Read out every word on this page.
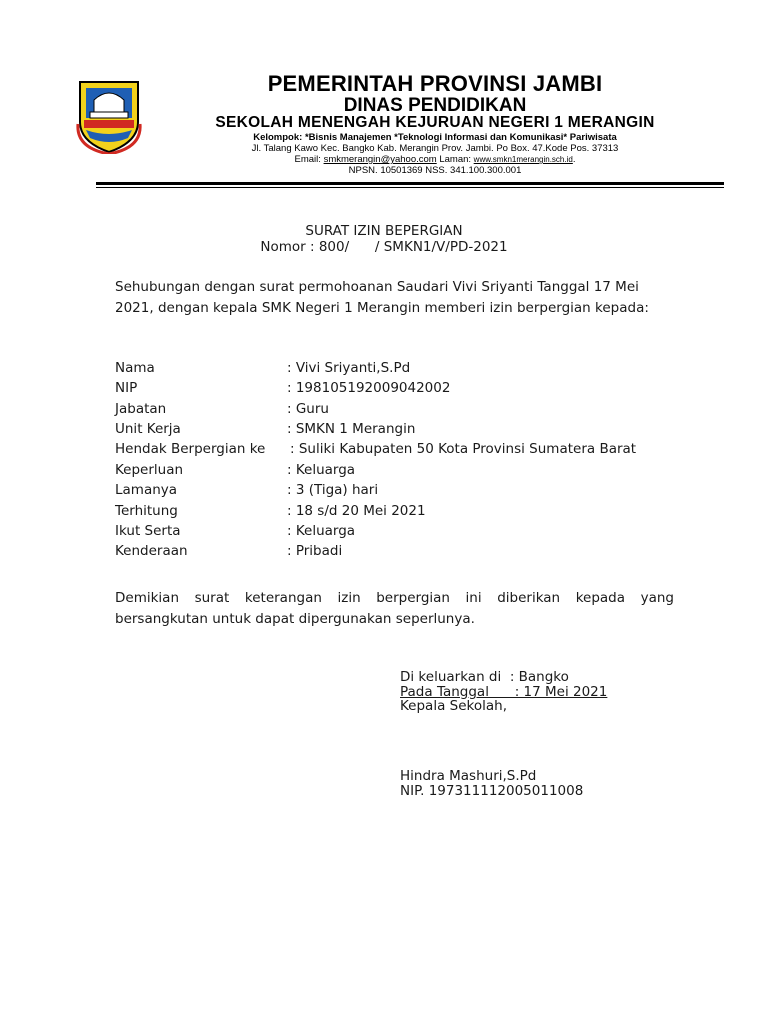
PEMERINTAH PROVINSI JAMBI
DINAS PENDIDIKAN
SEKOLAH MENENGAH KEJURUAN NEGERI 1 MERANGIN
Kelompok: *Bisnis Manajemen *Teknologi Informasi dan Komunikasi* Pariwisata
Jl. Talang Kawo Kec. Bangko Kab. Merangin Prov. Jambi. Po Box. 47.Kode Pos. 37313
Email: smkmerangin@yahoo.com Laman: www.smkn1merangin.sch.id.
NPSN. 10501369 NSS. 341.100.300.001
SURAT IZIN BEPERGIAN
Nomor : 800/      / SMKN1/V/PD-2021
Sehubungan dengan surat permohoanan Saudari Vivi Sriyanti Tanggal 17 Mei 2021, dengan kepala SMK Negeri 1 Merangin memberi izin berpergian kepada:
Nama	: Vivi Sriyanti,S.Pd
NIP	: 198105192009042002
Jabatan	: Guru
Unit Kerja	: SMKN 1 Merangin
Hendak Berpergian ke : Suliki Kabupaten 50 Kota Provinsi Sumatera Barat
Keperluan	: Keluarga
Lamanya	: 3 (Tiga) hari
Terhitung	: 18 s/d 20 Mei 2021
Ikut Serta	: Keluarga
Kenderaan	: Pribadi
Demikian surat keterangan izin berpergian ini diberikan kepada yang bersangkutan untuk dapat dipergunakan seperlunya.
Di keluarkan di  : Bangko
Pada Tanggal      : 17 Mei 2021
Kepala Sekolah,
Hindra Mashuri,S.Pd
NIP. 197311112005011008
